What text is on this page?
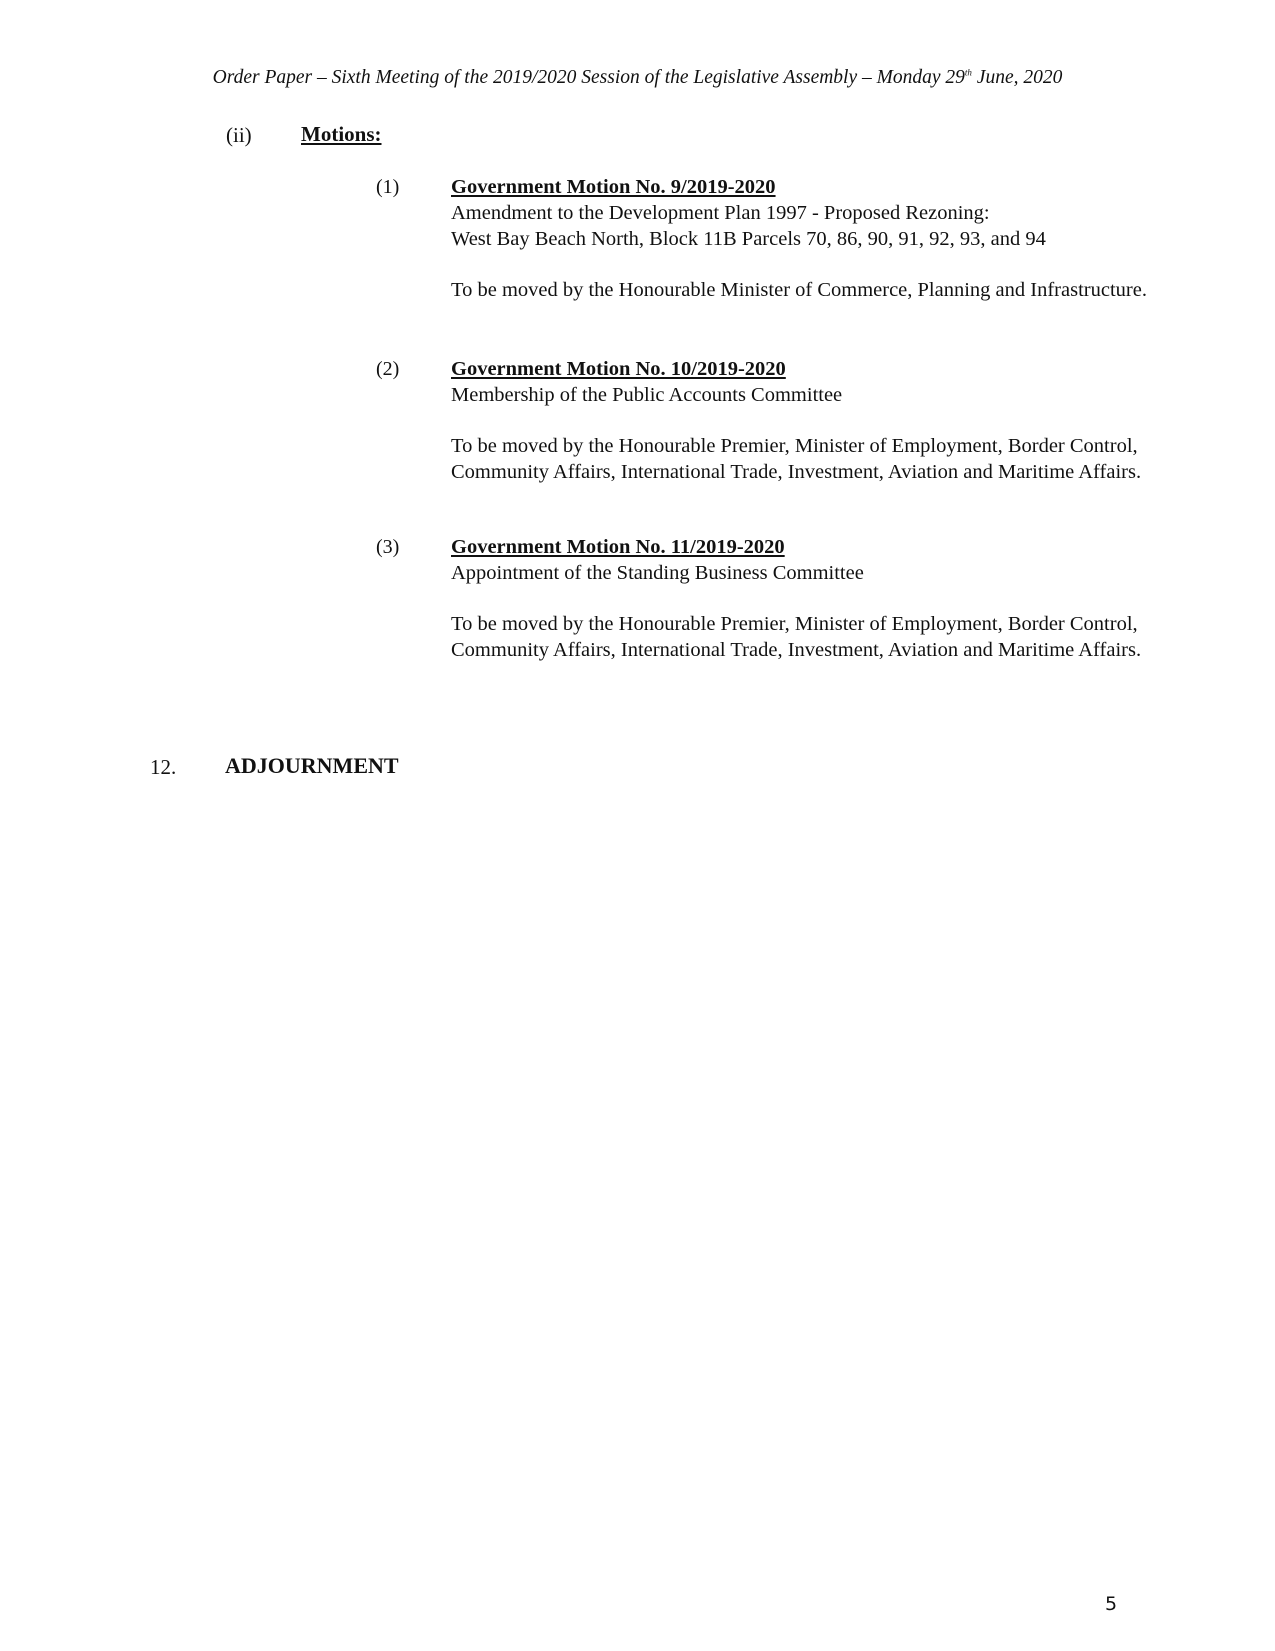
Order Paper – Sixth Meeting of the 2019/2020 Session of the Legislative Assembly – Monday 29th June, 2020
(ii) Motions:
(1)	Government Motion No. 9/2019-2020
Amendment to the Development Plan 1997 - Proposed Rezoning:
West Bay Beach North, Block 11B Parcels 70, 86, 90, 91, 92, 93, and 94
To be moved by the Honourable Minister of Commerce, Planning and Infrastructure.
(2)	Government Motion No. 10/2019-2020
Membership of the Public Accounts Committee
To be moved by the Honourable Premier, Minister of Employment, Border Control, Community Affairs, International Trade, Investment, Aviation and Maritime Affairs.
(3)	Government Motion No. 11/2019-2020
Appointment of the Standing Business Committee
To be moved by the Honourable Premier, Minister of Employment, Border Control, Community Affairs, International Trade, Investment, Aviation and Maritime Affairs.
12. ADJOURNMENT
5
